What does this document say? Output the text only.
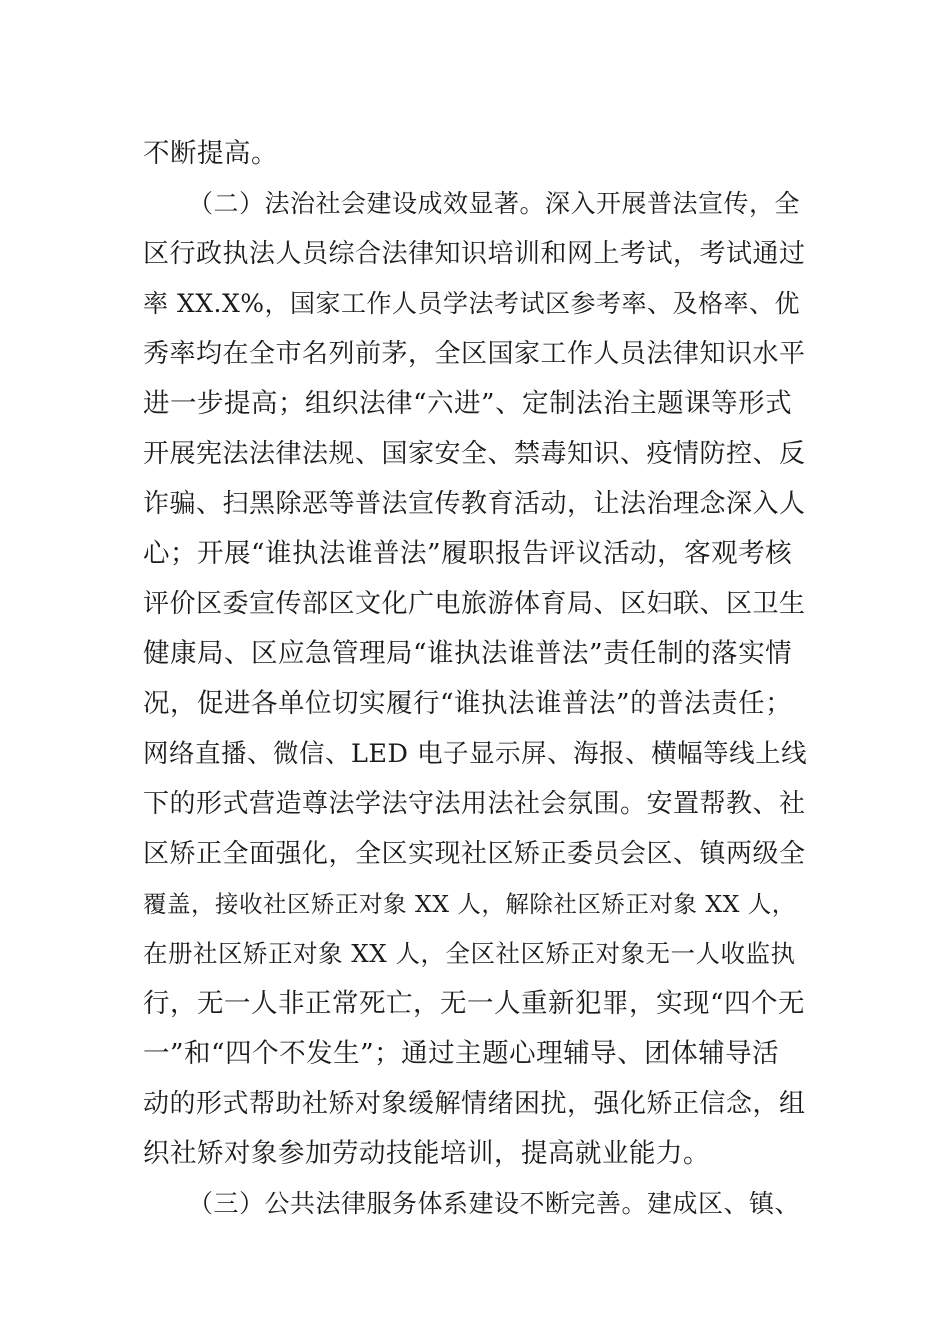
不断提高。
（二）法治社会建设成效显著。深入开展普法宣传，全
区行政执法人员综合法律知识培训和网上考试，考试通过
率 XX.X%，国家工作人员学法考试区参考率、及格率、优
秀率均在全市名列前茅，全区国家工作人员法律知识水平
进一步提高；组织法律“六进”、定制法治主题课等形式
开展宪法法律法规、国家安全、禁毒知识、疫情防控、反
诈骗、扫黑除恶等普法宣传教育活动，让法治理念深入人
心；开展“谁执法谁普法”履职报告评议活动，客观考核
评价区委宣传部区文化广电旅游体育局、区妇联、区卫生
健康局、区应急管理局“谁执法谁普法”责任制的落实情
况，促进各单位切实履行“谁执法谁普法”的普法责任；
网络直播、微信、LED 电子显示屏、海报、横幅等线上线
下的形式营造尊法学法守法用法社会氛围。安置帮教、社
区矫正全面强化，全区实现社区矫正委员会区、镇两级全
覆盖，接收社区矫正对象 XX 人，解除社区矫正对象 XX 人，
在册社区矫正对象 XX 人，全区社区矫正对象无一人收监执
行，无一人非正常死亡，无一人重新犯罪，实现“四个无
一”和“四个不发生”；通过主题心理辅导、团体辅导活
动的形式帮助社矫对象缓解情绪困扰，强化矫正信念，组
织社矫对象参加劳动技能培训，提高就业能力。
（三）公共法律服务体系建设不断完善。建成区、镇、
